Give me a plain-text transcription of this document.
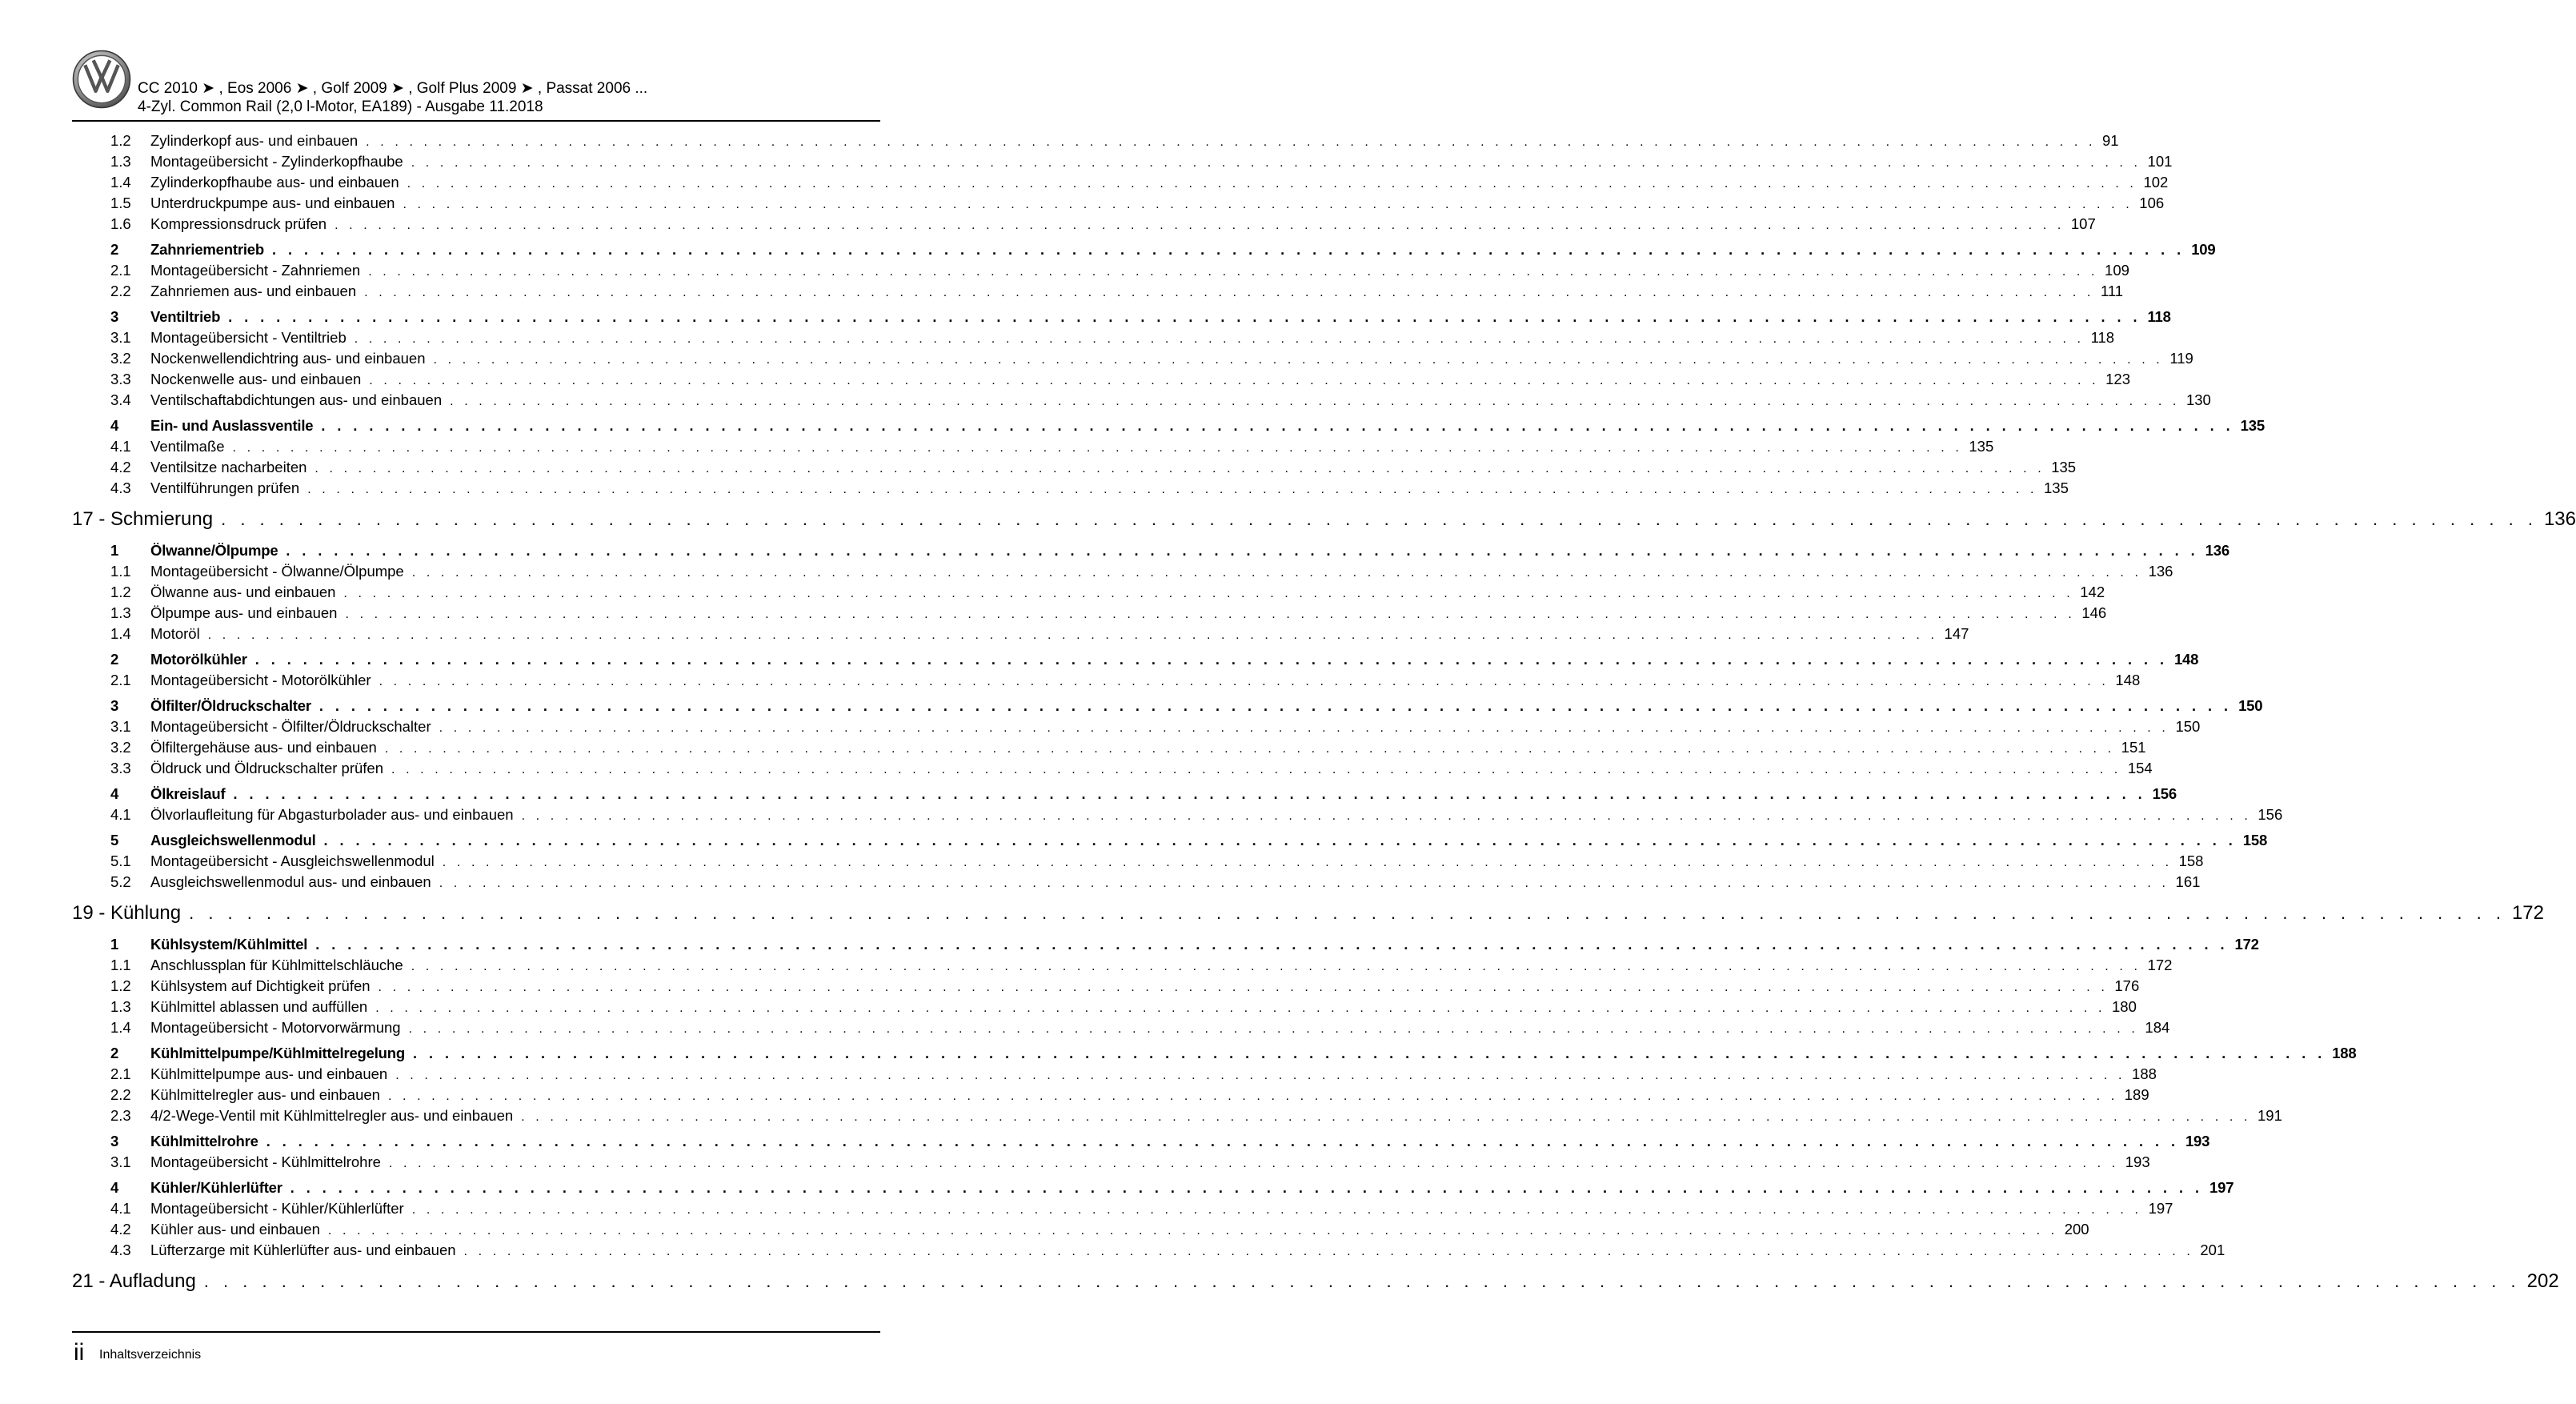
CC 2010 ➤ , Eos 2006 ➤ , Golf 2009 ➤ , Golf Plus 2009 ➤ , Passat 2006 ...
4-Zyl. Common Rail (2,0 l-Motor, EA189) - Ausgabe 11.2018
1.2	Zylinderkopf aus- und einbauen . . . . . . . . . . . . . . . . . . . . . . . . . . . . . . . . . . . . . . . . . . . . . . . . . . . . . . . . . . . . . . . . . . . . . . . . . . . . . . . . . . . . . . . . . . . . . . . . . . . . . . . . . . . . . . . . . . . . . . . . 91
1.3	Montageübersicht - Zylinderkopfhaube . . . . . . . . . . . . . . . . . . . . . . . . . . . . . . . . . . . . . . . . . . . . . . . . . . . . . . . . . . . . . . . . . . . . . . . . . . . . . . . . . . . . . . . . . . . . . . . . . . . . . . . . . . . . . . . . . . . . . . . . 101
1.4	Zylinderkopfhaube aus- und einbauen . . . . . . . . . . . . . . . . . . . . . . . . . . . . . . . . . . . . . . . . . . . . . . . . . . . . . . . . . . . . . . . . . . . . . . . . . . . . . . . . . . . . . . . . . . . . . . . . . . . . . . . . . . . . . . . . . . . . . . . . 102
1.5	Unterdruckpumpe aus- und einbauen . . . . . . . . . . . . . . . . . . . . . . . . . . . . . . . . . . . . . . . . . . . . . . . . . . . . . . . . . . . . . . . . . . . . . . . . . . . . . . . . . . . . . . . . . . . . . . . . . . . . . . . . . . . . . . . . . . . . . . . . 106
1.6	Kompressionsdruck prüfen . . . . . . . . . . . . . . . . . . . . . . . . . . . . . . . . . . . . . . . . . . . . . . . . . . . . . . . . . . . . . . . . . . . . . . . . . . . . . . . . . . . . . . . . . . . . . . . . . . . . . . . . . . . . . . . . . . . . . . . . 107
2	Zahnriementrieb . . . . . . . . . . . . . . . . . . . . . . . . . . . . . . . . . . . . . . . . . . . . . . . . . . . . . . . . . . . . . . . . . . . . . . . . . . . . . . . . . . . . . . . . . . . . . . . . . . . . . . . . . . . . . . . . . . . . . . . . 109
2.1	Montageübersicht - Zahnriemen . . . . . . . . . . . . . . . . . . . . . . . . . . . . . . . . . . . . . . . . . . . . . . . . . . . . . . . . . . . . . . . . . . . . . . . . . . . . . . . . . . . . . . . . . . . . . . . . . . . . . . . . . . . . . . . . . . . . . . . . 109
2.2	Zahnriemen aus- und einbauen . . . . . . . . . . . . . . . . . . . . . . . . . . . . . . . . . . . . . . . . . . . . . . . . . . . . . . . . . . . . . . . . . . . . . . . . . . . . . . . . . . . . . . . . . . . . . . . . . . . . . . . . . . . . . . . . . . . . . . . . 111
3	Ventiltrieb . . . . . . . . . . . . . . . . . . . . . . . . . . . . . . . . . . . . . . . . . . . . . . . . . . . . . . . . . . . . . . . . . . . . . . . . . . . . . . . . . . . . . . . . . . . . . . . . . . . . . . . . . . . . . . . . . . . . . . . . 118
3.1	Montageübersicht - Ventiltrieb . . . . . . . . . . . . . . . . . . . . . . . . . . . . . . . . . . . . . . . . . . . . . . . . . . . . . . . . . . . . . . . . . . . . . . . . . . . . . . . . . . . . . . . . . . . . . . . . . . . . . . . . . . . . . . . . . . . . . . . . 118
3.2	Nockenwellendichtring aus- und einbauen . . . . . . . . . . . . . . . . . . . . . . . . . . . . . . . . . . . . . . . . . . . . . . . . . . . . . . . . . . . . . . . . . . . . . . . . . . . . . . . . . . . . . . . . . . . . . . . . . . . . . . . . . . . . . . . . . . . . . . . . 119
3.3	Nockenwelle aus- und einbauen . . . . . . . . . . . . . . . . . . . . . . . . . . . . . . . . . . . . . . . . . . . . . . . . . . . . . . . . . . . . . . . . . . . . . . . . . . . . . . . . . . . . . . . . . . . . . . . . . . . . . . . . . . . . . . . . . . . . . . . . 123
3.4	Ventilschaftabdichtungen aus- und einbauen . . . . . . . . . . . . . . . . . . . . . . . . . . . . . . . . . . . . . . . . . . . . . . . . . . . . . . . . . . . . . . . . . . . . . . . . . . . . . . . . . . . . . . . . . . . . . . . . . . . . . . . . . . . . . . . . . . . . . . . . 130
4	Ein- und Auslassventile . . . . . . . . . . . . . . . . . . . . . . . . . . . . . . . . . . . . . . . . . . . . . . . . . . . . . . . . . . . . . . . . . . . . . . . . . . . . . . . . . . . . . . . . . . . . . . . . . . . . . . . . . . . . . . . . . . . . . . . . 135
4.1	Ventilmaße . . . . . . . . . . . . . . . . . . . . . . . . . . . . . . . . . . . . . . . . . . . . . . . . . . . . . . . . . . . . . . . . . . . . . . . . . . . . . . . . . . . . . . . . . . . . . . . . . . . . . . . . . . . . . . . . . . . . . . . . 135
4.2	Ventilsitze nacharbeiten . . . . . . . . . . . . . . . . . . . . . . . . . . . . . . . . . . . . . . . . . . . . . . . . . . . . . . . . . . . . . . . . . . . . . . . . . . . . . . . . . . . . . . . . . . . . . . . . . . . . . . . . . . . . . . . . . . . . . . . . 135
4.3	Ventilführungen prüfen . . . . . . . . . . . . . . . . . . . . . . . . . . . . . . . . . . . . . . . . . . . . . . . . . . . . . . . . . . . . . . . . . . . . . . . . . . . . . . . . . . . . . . . . . . . . . . . . . . . . . . . . . . . . . . . . . . . . . . . . 135
17 - Schmierung . . . . . . . . . . . . . . . . . . . . . . . . . . . . . . . . . . . . . . . . . . . . . . . . . . . . . . . . . . . . . . . . . . . . . . . . . . . . . . . . . . . . . . . . . . . . . . . . . . . . . . . . . . . . . . . . . . . . . . . . 136
1	Ölwanne/Ölpumpe . . . . . . . . . . . . . . . . . . . . . . . . . . . . . . . . . . . . . . . . . . . . . . . . . . . . . . . . . . . . . . . . . . . . . . . . . . . . . . . . . . . . . . . . . . . . . . . . . . . . . . . . . . . . . . . . . . . . . . . . 136
1.1	Montageübersicht - Ölwanne/Ölpumpe . . . . . . . . . . . . . . . . . . . . . . . . . . . . . . . . . . . . . . . . . . . . . . . . . . . . . . . . . . . . . . . . . . . . . . . . . . . . . . . . . . . . . . . . . . . . . . . . . . . . . . . . . . . . . . . . . . . . . . . . 136
1.2	Ölwanne aus- und einbauen . . . . . . . . . . . . . . . . . . . . . . . . . . . . . . . . . . . . . . . . . . . . . . . . . . . . . . . . . . . . . . . . . . . . . . . . . . . . . . . . . . . . . . . . . . . . . . . . . . . . . . . . . . . . . . . . . . . . . . . . 142
1.3	Ölpumpe aus- und einbauen . . . . . . . . . . . . . . . . . . . . . . . . . . . . . . . . . . . . . . . . . . . . . . . . . . . . . . . . . . . . . . . . . . . . . . . . . . . . . . . . . . . . . . . . . . . . . . . . . . . . . . . . . . . . . . . . . . . . . . . . 146
1.4	Motoröl . . . . . . . . . . . . . . . . . . . . . . . . . . . . . . . . . . . . . . . . . . . . . . . . . . . . . . . . . . . . . . . . . . . . . . . . . . . . . . . . . . . . . . . . . . . . . . . . . . . . . . . . . . . . . . . . . . . . . . . . 147
2	Motorölkühler . . . . . . . . . . . . . . . . . . . . . . . . . . . . . . . . . . . . . . . . . . . . . . . . . . . . . . . . . . . . . . . . . . . . . . . . . . . . . . . . . . . . . . . . . . . . . . . . . . . . . . . . . . . . . . . . . . . . . . . . 148
2.1	Montageübersicht - Motorölkühler . . . . . . . . . . . . . . . . . . . . . . . . . . . . . . . . . . . . . . . . . . . . . . . . . . . . . . . . . . . . . . . . . . . . . . . . . . . . . . . . . . . . . . . . . . . . . . . . . . . . . . . . . . . . . . . . . . . . . . . . 148
3	Ölfilter/Öldruckschalter . . . . . . . . . . . . . . . . . . . . . . . . . . . . . . . . . . . . . . . . . . . . . . . . . . . . . . . . . . . . . . . . . . . . . . . . . . . . . . . . . . . . . . . . . . . . . . . . . . . . . . . . . . . . . . . . . . . . . . . . 150
3.1	Montageübersicht - Ölfilter/Öldruckschalter . . . . . . . . . . . . . . . . . . . . . . . . . . . . . . . . . . . . . . . . . . . . . . . . . . . . . . . . . . . . . . . . . . . . . . . . . . . . . . . . . . . . . . . . . . . . . . . . . . . . . . . . . . . . . . . . . . . . . . . . 150
3.2	Ölfiltergehäuse aus- und einbauen . . . . . . . . . . . . . . . . . . . . . . . . . . . . . . . . . . . . . . . . . . . . . . . . . . . . . . . . . . . . . . . . . . . . . . . . . . . . . . . . . . . . . . . . . . . . . . . . . . . . . . . . . . . . . . . . . . . . . . . . 151
3.3	Öldruck und Öldruckschalter prüfen . . . . . . . . . . . . . . . . . . . . . . . . . . . . . . . . . . . . . . . . . . . . . . . . . . . . . . . . . . . . . . . . . . . . . . . . . . . . . . . . . . . . . . . . . . . . . . . . . . . . . . . . . . . . . . . . . . . . . . . . 154
4	Ölkreislauf . . . . . . . . . . . . . . . . . . . . . . . . . . . . . . . . . . . . . . . . . . . . . . . . . . . . . . . . . . . . . . . . . . . . . . . . . . . . . . . . . . . . . . . . . . . . . . . . . . . . . . . . . . . . . . . . . . . . . . . . 156
4.1	Ölvorlaufleitung für Abgasturbolader aus- und einbauen . . . . . . . . . . . . . . . . . . . . . . . . . . . . . . . . . . . . . . . . . . . . . . . . . . . . . . . . . . . . . . . . . . . . . . . . . . . . . . . . . . . . . . . . . . . . . . . . . . . . . . . . . . . . . . . . . . . . . . . . 156
5	Ausgleichswellenmodul . . . . . . . . . . . . . . . . . . . . . . . . . . . . . . . . . . . . . . . . . . . . . . . . . . . . . . . . . . . . . . . . . . . . . . . . . . . . . . . . . . . . . . . . . . . . . . . . . . . . . . . . . . . . . . . . . . . . . . . . 158
5.1	Montageübersicht - Ausgleichswellenmodul . . . . . . . . . . . . . . . . . . . . . . . . . . . . . . . . . . . . . . . . . . . . . . . . . . . . . . . . . . . . . . . . . . . . . . . . . . . . . . . . . . . . . . . . . . . . . . . . . . . . . . . . . . . . . . . . . . . . . . . . 158
5.2	Ausgleichswellenmodul aus- und einbauen . . . . . . . . . . . . . . . . . . . . . . . . . . . . . . . . . . . . . . . . . . . . . . . . . . . . . . . . . . . . . . . . . . . . . . . . . . . . . . . . . . . . . . . . . . . . . . . . . . . . . . . . . . . . . . . . . . . . . . . . 161
19 - Kühlung . . . . . . . . . . . . . . . . . . . . . . . . . . . . . . . . . . . . . . . . . . . . . . . . . . . . . . . . . . . . . . . . . . . . . . . . . . . . . . . . . . . . . . . . . . . . . . . . . . . . . . . . . . . . . . . . . . . . . . . . 172
1	Kühlsystem/Kühlmittel . . . . . . . . . . . . . . . . . . . . . . . . . . . . . . . . . . . . . . . . . . . . . . . . . . . . . . . . . . . . . . . . . . . . . . . . . . . . . . . . . . . . . . . . . . . . . . . . . . . . . . . . . . . . . . . . . . . . . . . . 172
1.1	Anschlussplan für Kühlmittelschläuche . . . . . . . . . . . . . . . . . . . . . . . . . . . . . . . . . . . . . . . . . . . . . . . . . . . . . . . . . . . . . . . . . . . . . . . . . . . . . . . . . . . . . . . . . . . . . . . . . . . . . . . . . . . . . . . . . . . . . . . . 172
1.2	Kühlsystem auf Dichtigkeit prüfen . . . . . . . . . . . . . . . . . . . . . . . . . . . . . . . . . . . . . . . . . . . . . . . . . . . . . . . . . . . . . . . . . . . . . . . . . . . . . . . . . . . . . . . . . . . . . . . . . . . . . . . . . . . . . . . . . . . . . . . . 176
1.3	Kühlmittel ablassen und auffüllen . . . . . . . . . . . . . . . . . . . . . . . . . . . . . . . . . . . . . . . . . . . . . . . . . . . . . . . . . . . . . . . . . . . . . . . . . . . . . . . . . . . . . . . . . . . . . . . . . . . . . . . . . . . . . . . . . . . . . . . . 180
1.4	Montageübersicht - Motorvorwärmung . . . . . . . . . . . . . . . . . . . . . . . . . . . . . . . . . . . . . . . . . . . . . . . . . . . . . . . . . . . . . . . . . . . . . . . . . . . . . . . . . . . . . . . . . . . . . . . . . . . . . . . . . . . . . . . . . . . . . . . . 184
2	Kühlmittelpumpe/Kühlmittelregelung . . . . . . . . . . . . . . . . . . . . . . . . . . . . . . . . . . . . . . . . . . . . . . . . . . . . . . . . . . . . . . . . . . . . . . . . . . . . . . . . . . . . . . . . . . . . . . . . . . . . . . . . . . . . . . . . . . . . . . . . 188
2.1	Kühlmittelpumpe aus- und einbauen . . . . . . . . . . . . . . . . . . . . . . . . . . . . . . . . . . . . . . . . . . . . . . . . . . . . . . . . . . . . . . . . . . . . . . . . . . . . . . . . . . . . . . . . . . . . . . . . . . . . . . . . . . . . . . . . . . . . . . . . 188
2.2	Kühlmittelregler aus- und einbauen . . . . . . . . . . . . . . . . . . . . . . . . . . . . . . . . . . . . . . . . . . . . . . . . . . . . . . . . . . . . . . . . . . . . . . . . . . . . . . . . . . . . . . . . . . . . . . . . . . . . . . . . . . . . . . . . . . . . . . . . 189
2.3	4/2-Wege-Ventil mit Kühlmittelregler aus- und einbauen . . . . . . . . . . . . . . . . . . . . . . . . . . . . . . . . . . . . . . . . . . . . . . . . . . . . . . . . . . . . . . . . . . . . . . . . . . . . . . . . . . . . . . . . . . . . . . . . . . . . . . . . . . . . . . . . . . . . . . . . 191
3	Kühlmittelrohre . . . . . . . . . . . . . . . . . . . . . . . . . . . . . . . . . . . . . . . . . . . . . . . . . . . . . . . . . . . . . . . . . . . . . . . . . . . . . . . . . . . . . . . . . . . . . . . . . . . . . . . . . . . . . . . . . . . . . . . . 193
3.1	Montageübersicht - Kühlmittelrohre . . . . . . . . . . . . . . . . . . . . . . . . . . . . . . . . . . . . . . . . . . . . . . . . . . . . . . . . . . . . . . . . . . . . . . . . . . . . . . . . . . . . . . . . . . . . . . . . . . . . . . . . . . . . . . . . . . . . . . . . 193
4	Kühler/Kühlerlüfter . . . . . . . . . . . . . . . . . . . . . . . . . . . . . . . . . . . . . . . . . . . . . . . . . . . . . . . . . . . . . . . . . . . . . . . . . . . . . . . . . . . . . . . . . . . . . . . . . . . . . . . . . . . . . . . . . . . . . . . . 197
4.1	Montageübersicht - Kühler/Kühlerlüfter . . . . . . . . . . . . . . . . . . . . . . . . . . . . . . . . . . . . . . . . . . . . . . . . . . . . . . . . . . . . . . . . . . . . . . . . . . . . . . . . . . . . . . . . . . . . . . . . . . . . . . . . . . . . . . . . . . . . . . . . 197
4.2	Kühler aus- und einbauen . . . . . . . . . . . . . . . . . . . . . . . . . . . . . . . . . . . . . . . . . . . . . . . . . . . . . . . . . . . . . . . . . . . . . . . . . . . . . . . . . . . . . . . . . . . . . . . . . . . . . . . . . . . . . . . . . . . . . . . . 200
4.3	Lüfterzarge mit Kühlerlüfter aus- und einbauen . . . . . . . . . . . . . . . . . . . . . . . . . . . . . . . . . . . . . . . . . . . . . . . . . . . . . . . . . . . . . . . . . . . . . . . . . . . . . . . . . . . . . . . . . . . . . . . . . . . . . . . . . . . . . . . . . . . . . . . . 201
21 - Aufladung . . . . . . . . . . . . . . . . . . . . . . . . . . . . . . . . . . . . . . . . . . . . . . . . . . . . . . . . . . . . . . . . . . . . . . . . . . . . . . . . . . . . . . . . . . . . . . . . . . . . . . . . . . . . . . . . . . . . . . . . 202
ii Inhaltsverzeichnis
